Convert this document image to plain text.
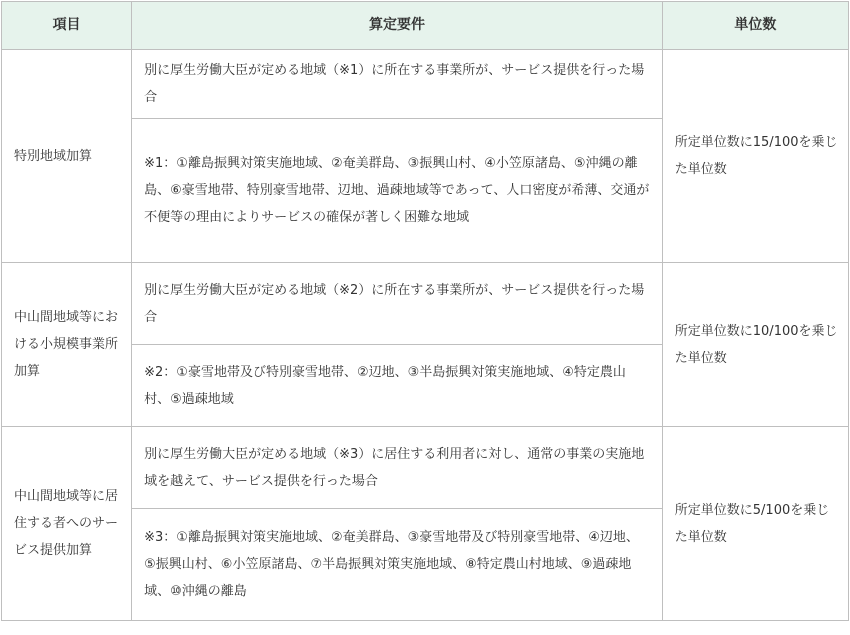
項目	算定要件	単位数
特別地域加算	別に厚生労働大臣が定める地域（※1）に所在する事業所が、サービス提供を行った場合	所定単位数に15/100を乗じた単位数
	※1：①離島振興対策実施地域、②奄美群島、③振興山村、④小笠原諸島、⑤沖縄の離島、⑥豪雪地帯、特別豪雪地帯、辺地、過疎地域等であって、人口密度が希薄、交通が不便等の理由によりサービスの確保が著しく困難な地域	
中山間地域等における小規模事業所加算	別に厚生労働大臣が定める地域（※2）に所在する事業所が、サービス提供を行った場合	所定単位数に10/100を乗じた単位数
	※2：①豪雪地帯及び特別豪雪地帯、②辺地、③半島振興対策実施地域、④特定農山村、⑤過疎地域	
中山間地域等に居住する者へのサービス提供加算	別に厚生労働大臣が定める地域（※3）に居住する利用者に対し、通常の事業の実施地域を越えて、サービス提供を行った場合	所定単位数に5/100を乗じた単位数
	※3：①離島振興対策実施地域、②奄美群島、③豪雪地帯及び特別豪雪地帯、④辺地、⑤振興山村、⑥小笠原諸島、⑦半島振興対策実施地域、⑧特定農山村地域、⑨過疎地域、⑩沖縄の離島	
